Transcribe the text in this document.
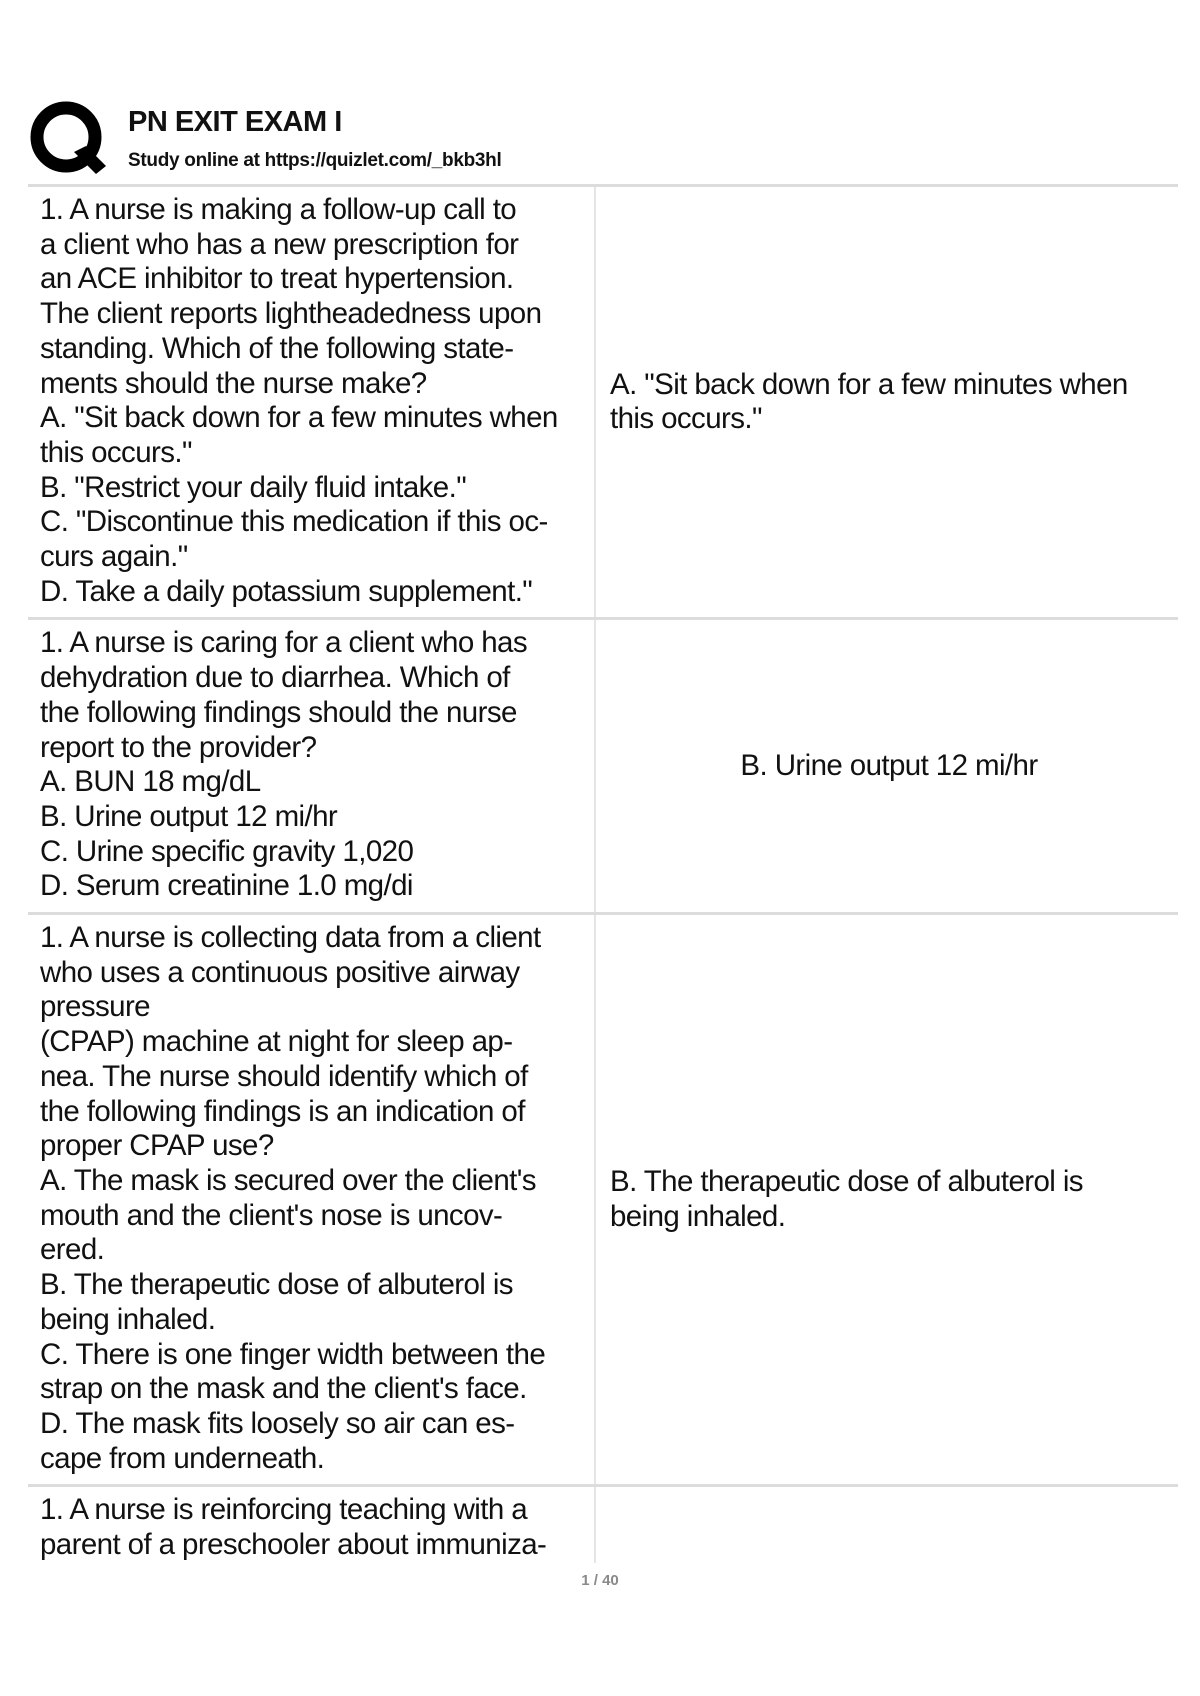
PN EXIT EXAM I
Study online at https://quizlet.com/_bkb3hl
1. A nurse is making a follow-up call to
a client who has a new prescription for
an ACE inhibitor to treat hypertension.
The client reports lightheadedness upon
standing. Which of the following state-
ments should the nurse make?
A. "Sit back down for a few minutes when
this occurs."
B. "Restrict your daily fluid intake."
C. "Discontinue this medication if this oc-
curs again."
D. Take a daily potassium supplement."
A. "Sit back down for a few minutes when
this occurs."
1. A nurse is caring for a client who has
dehydration due to diarrhea. Which of
the following findings should the nurse
report to the provider?
A. BUN 18 mg/dL
B. Urine output 12 mi/hr
C. Urine specific gravity 1,020
D. Serum creatinine 1.0 mg/di
B. Urine output 12 mi/hr
1. A nurse is collecting data from a client
who uses a continuous positive airway
pressure
(CPAP) machine at night for sleep ap-
nea. The nurse should identify which of
the following findings is an indication of
proper CPAP use?
A. The mask is secured over the client's
mouth and the client's nose is uncov-
ered.
B. The therapeutic dose of albuterol is
being inhaled.
C. There is one finger width between the
strap on the mask and the client's face.
D. The mask fits loosely so air can es-
cape from underneath.
B. The therapeutic dose of albuterol is
being inhaled.
1. A nurse is reinforcing teaching with a
parent of a preschooler about immuniza-
1 / 40
